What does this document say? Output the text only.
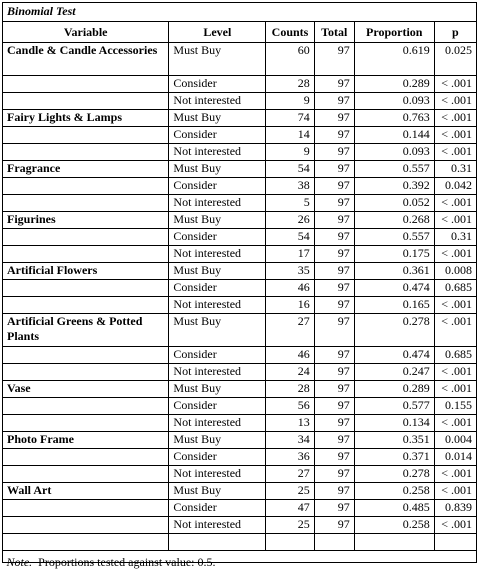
Binomial Test					
Variable	Level	Counts	Total	Proportion	p
Candle & Candle Accessories	Must Buy	60	97	0.619	0.025
	Consider	28	97	0.289	< .001
	Not interested	9	97	0.093	< .001
Fairy Lights & Lamps	Must Buy	74	97	0.763	< .001
	Consider	14	97	0.144	< .001
	Not interested	9	97	0.093	< .001
Fragrance	Must Buy	54	97	0.557	0.31
	Consider	38	97	0.392	0.042
	Not interested	5	97	0.052	< .001
Figurines	Must Buy	26	97	0.268	< .001
	Consider	54	97	0.557	0.31
	Not interested	17	97	0.175	< .001
Artificial Flowers	Must Buy	35	97	0.361	0.008
	Consider	46	97	0.474	0.685
	Not interested	16	97	0.165	< .001
Artificial Greens & Potted Plants	Must Buy	27	97	0.278	< .001
	Consider	46	97	0.474	0.685
	Not interested	24	97	0.247	< .001
Vase	Must Buy	28	97	0.289	< .001
	Consider	56	97	0.577	0.155
	Not interested	13	97	0.134	< .001
Photo Frame	Must Buy	34	97	0.351	0.004
	Consider	36	97	0.371	0.014
	Not interested	27	97	0.278	< .001
Wall Art	Must Buy	25	97	0.258	< .001
	Consider	47	97	0.485	0.839
	Not interested	25	97	0.258	< .001

Note. Proportions tested against value: 0.5.					
